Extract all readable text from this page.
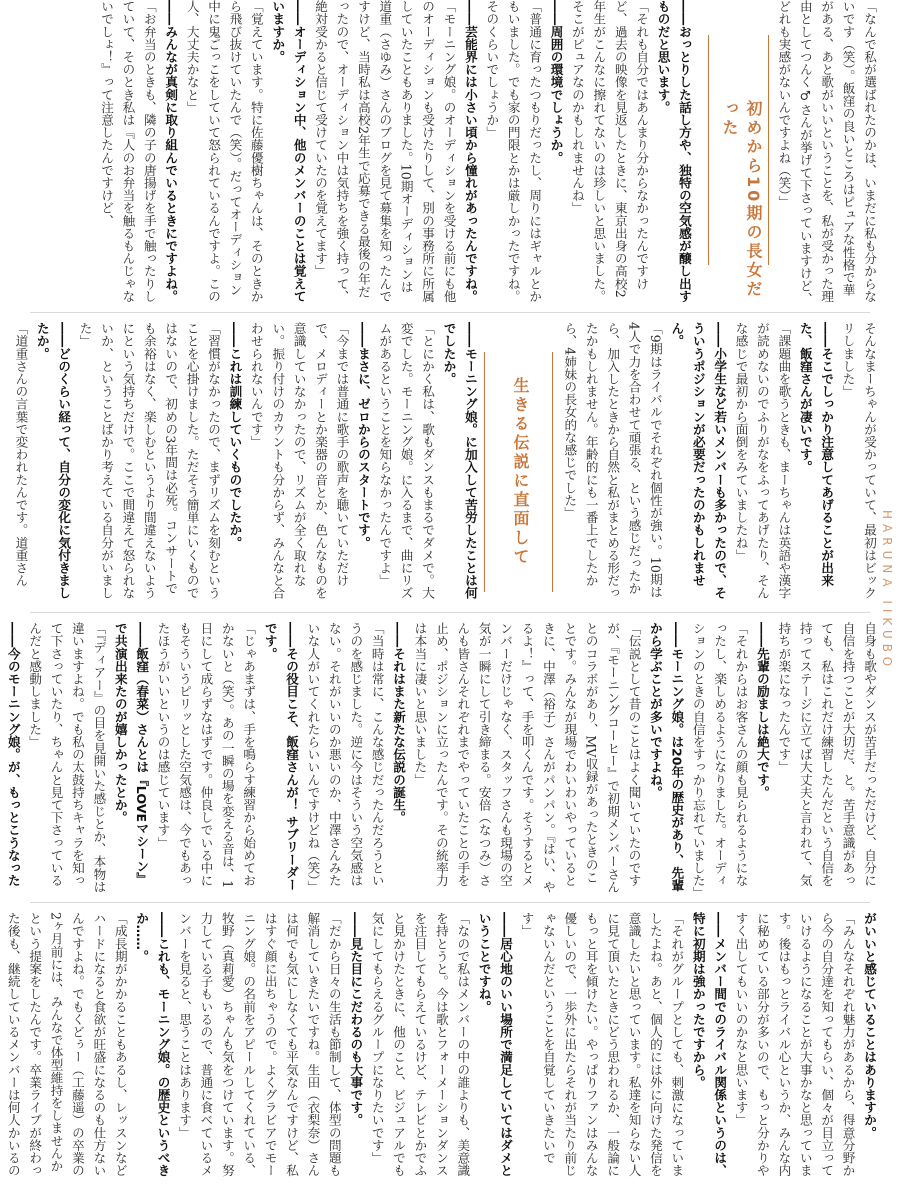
「なんで私が選ばれたのかは、いまだに私も分からないです（笑）。飯窪の良いところはピュアな性格で華がある、あと歌がいいということを、私が受かった理由としてつんく♂さんが挙げて下さっていますけど、どれも実感がないんですよね（笑）」

――おっとりした話し方や、独特の空気感が醸し出すものだと思います。

「それも自分ではあんまり分からなかったんですけど、過去の映像を見返したときに、東京出身の高校2年生がこんなに擦れてないのは珍しいと思いました。そこがピュアなのかもしれませんね」

――周囲の環境でしょうか。

「普通に育ったつもりだったし、周りにはギャルとかもいました。でも家の門限とかは厳しかったですね。そのくらいでしょうか」

――芸能界には小さい頃から憧れがあったんですね。

「モーニング娘。のオーディションを受ける前にも他のオーディションも受けたりして、別の事務所に所属していたこともありました。10期オーディションは道重（さゆみ）さんのブログを見て募集を知ったんですけど、当時私は高校2年生で応募できる最後の年だったので、オーディション中は気持ちを強く持って、絶対受かると信じて受けていたのを覚えてます」

――オーディション中、他のメンバーのことは覚えていますか。

「覚えています。特に佐藤優樹ちゃんは、そのときから飛び抜けていたんで（笑）。だってオーディション中に鬼ごっこをしていて怒られているんですよ。この人、大丈夫かなと」

――みんなが真剣に取り組んでいるときにですよね。

「お弁当のときも、隣の子の唐揚げを手で触ったりしていて、そのとき私は『人のお弁当を触るもんじゃないでしょ！』って注意したんですけど、	初めから10期の長女だった

そんなまーちゃんが受かっていて、最初はビックリしました」

――そこでしっかり注意してあげることが出来た、飯窪さんが凄いです。

「課題曲を歌うときも、まーちゃんは英語や漢字が読めないのでふりがなをふってあげたり、そんな感じで最初から面倒をみていましたね」

――小学生など若いメンバーも多かったので、そういうポジションが必要だったのかもしれません。

「9期はライバルでそれぞれ個性が強い。10期は4人で力を合わせて頑張る、という感じだったから、加入したときから自然と私がまとめる形だったかもしれません。年齢的にも一番上でしたから、4姉妹の長女的な感じでした」

――モーニング娘。に加入して苦労したことは何でしたか。

「とにかく私は、歌もダンスもまるでダメで。大変でした。モーニング娘。に入るまで、曲にリズムがあるということを知らなかったんですよ」

――まさに、ゼロからのスタートです。

「今までは普通に歌手の歌声を聴いていただけで、メロディーとか楽器の音とか、色んなものを意識していなかったので、リズムが全く取れない。振り付けのカウントも分からず、みんなと合わせられないんです」

――これは訓練していくものでしたか。

「習慣がなかったので、まずリズムを刻むということを心掛けました。ただそう簡単にいくものではないので、初めの3年間は必死。コンサートでも余裕はなく、楽しむというより間違えないようにという気持ちだけで。ここで間違えて怒られないか、ということばかり考えている自分がいました」

――どのくらい経って、自分の変化に気付きましたか。

「道重さんの言葉で変われたんです。道重さん	生きる伝説に直面して

自身も歌やダンスが苦手だっただけど、自分に自信を持つことが大切だ、と。苦手意識があっても、私はこれだけ練習したんだという自信を持ってステージに立てば大丈夫と言われて、気持ちが楽になったんです」

――先輩の励ましは絶大です。

「それからはお客さんの顔も見られるようになったし、楽しめるようになりました。オーディションのときの自信をすっかり忘れていました」

――モーニング娘。は20年の歴史があり、先輩から学ぶことが多いですよね。

「伝説として昔のことはよく聞いていたのですが、『モーニングコーヒー』で初期メンバーさんとのコラボがあり、MV収録があったときのことです。みんなが現場でわいわいやっているときに、中澤（裕子）さんがパンパン。『はい、やるよ！』って、手を叩くんです。そうするとメンバーだけじゃなく、スタッフさんも現場の空気が一瞬にして引き締まる。安倍（なつみ）さんも皆さんそれぞれまでやっていたことの手を止め、ポジションに立ったんです。その統率力は本当に凄いと思いました」

――それはまた新たな伝説の誕生。

「当時は常に、こんな感じだったんだろうというのを感じました。逆に今はそういう空気感はない。それがいいのか悪いのか、中澤さんみたいな人がいてくれたらいいんですけどね（笑）」

――その役目こそ、飯窪さんが！ サブリーダーです。

「じゃあまずは、手を鳴らす練習から始めておかないと（笑）。あの一瞬の場を変える音は、1日にして成らずなはずです。仲良しでいる中にもそういうピリッとした空気感は、今でもあったほうがいいというのは感じています」

――飯窪（春菜）さんとは『LOVEマシーン』で共演出来たのが嬉しかったとか。

「『ディアー』の目を見開いた感じとか、本物は違いますよね。でも私の太鼓持ちキャラを知って下さっていたり、ちゃんと見て下さっているんだと感動しました」

――今のモーニング娘。が、もっとこうなった

がいいと感じていることはありますか。

「みんなそれぞれ魅力があるから、得意分野から今の自分達を知ってもらい、個々が目立っていけるようになることが大事かなと思っています。後はもっとライバル心というか、みんな内に秘めている部分が多いので、もっと分かりやすく出してもいいのかなと思います」

――メンバー間でのライバル関係というのは、特に初期は強かったですから。

「それがグループとしても、刺激になっていましたよね。あと、個人的には外に向けた発信を意識したいと思っています。私達を知らない人に見て頂いたときにどう思われるか、一般論にもっと耳を傾けたい。やっぱりファンはみんな優しいので、一歩外に出たらそれが当たり前じゃないんだということを自覚していきたいです」

――居心地のいい場所で満足していてはダメということですね。

「なので私はメンバーの中の誰よりも、美意識を持とうと。今は歌とフォーメーションダンスを注目してもらえているけど、テレビとかでふと見かけたときに、他のこと、ビジュアルでも気にしてもらえるグループになりたいです」

――見た目にこだわるのも大事です。

「だから日々の生活も節制して、体型の問題も解消していきたいですね。生田（衣梨奈）さんは何でも気にしなくても平気なんですけど、私はすぐ顔に出ちゃうので。よくグラビアでモーニング娘。の名前をアピールしてくれている、牧野（真莉愛）ちゃんも気をつけています。努力している子もいるので、普通に食べているメンバーを見ると、思うことはあります」

――これも、モーニング娘。の歴史というべきか……。

「成長期がかかることもあるし、レッスンなどハードになると食欲が旺盛になるのも仕方ないんですよね。でもくどぅー（工藤遥）の卒業の2ヶ月前には、みんなで体型維持をしませんかという提案をしたんです。卒業ライブが終わった後も、継続しているメンバーは何人かいるの

HARUNA IIKUBO
